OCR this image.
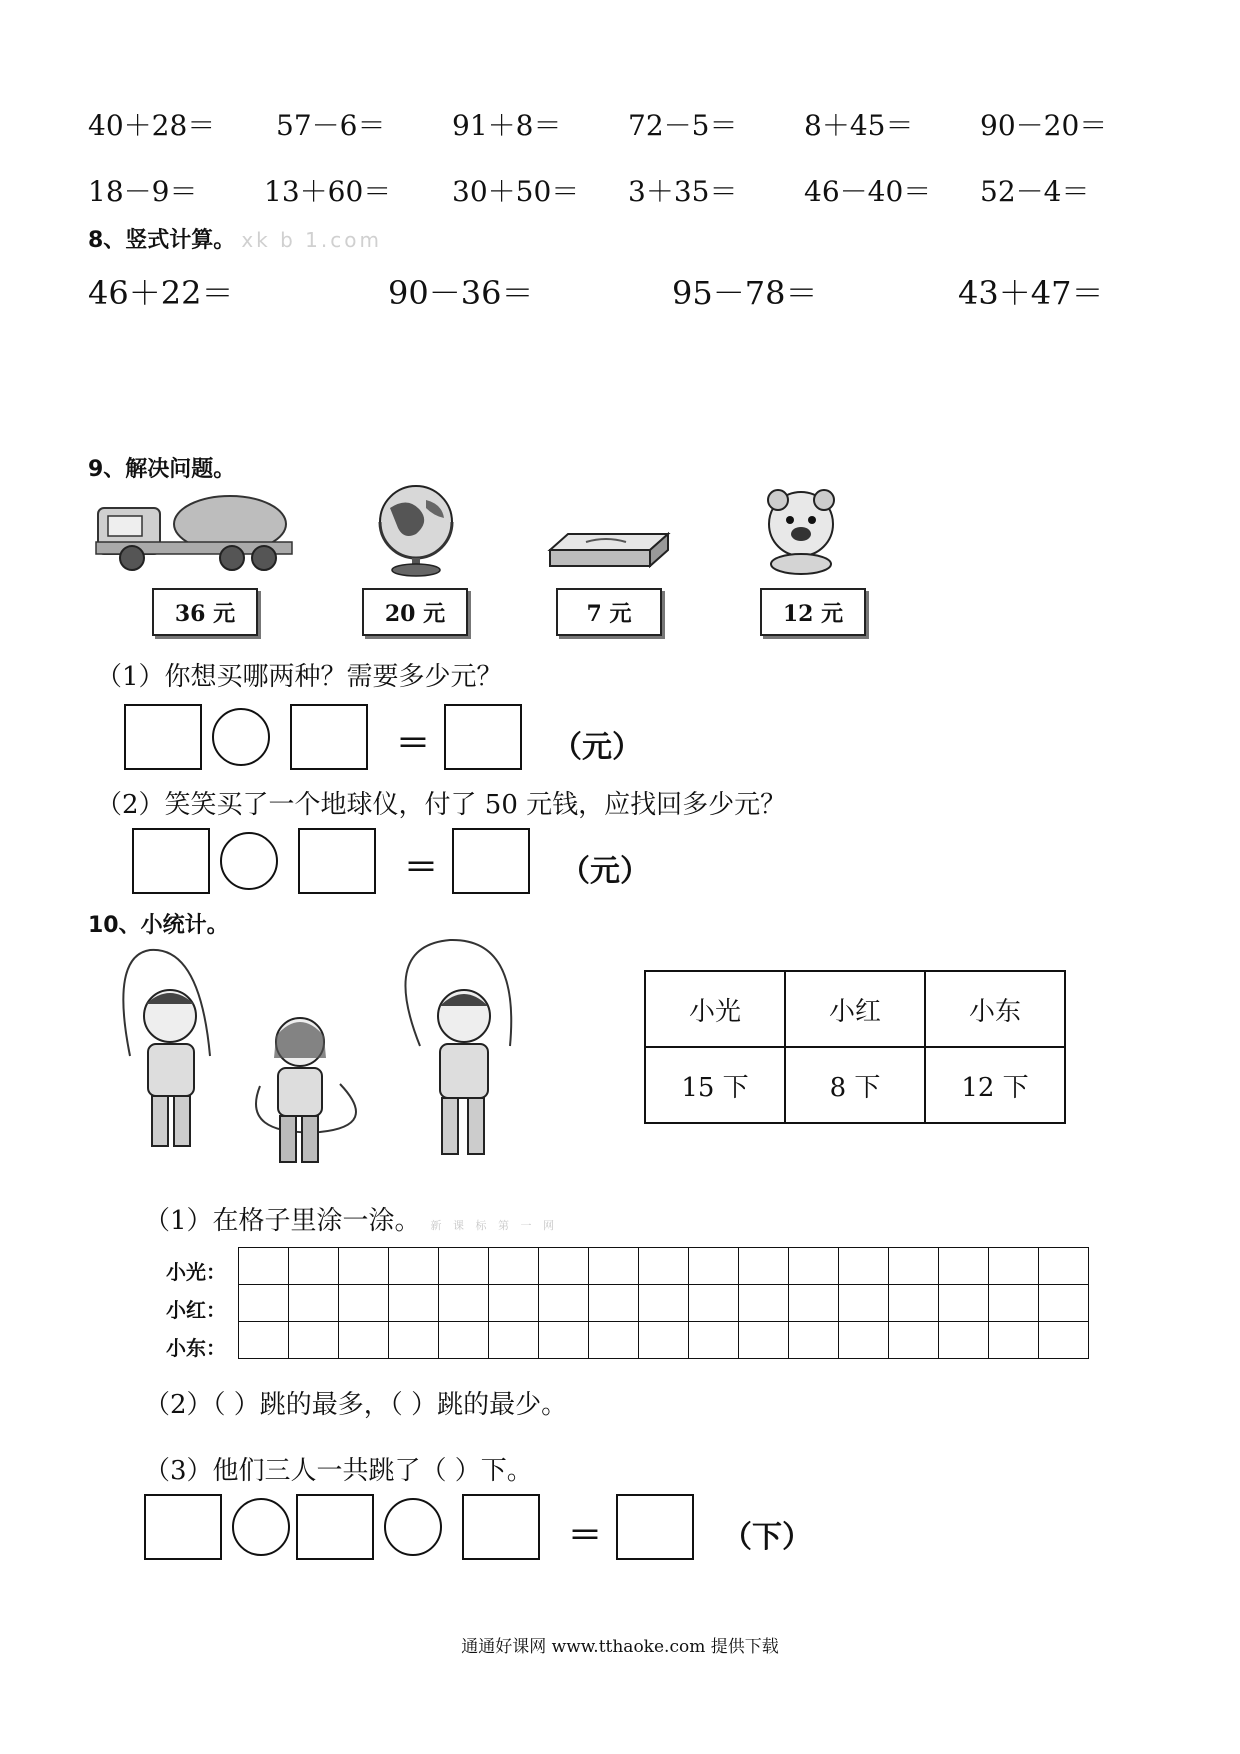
40＋28＝ 57－6＝ 91＋8＝ 72－5＝ 8＋45＝ 90－20＝
18－9＝ 13＋60＝ 30＋50＝ 3＋35＝ 46－40＝ 52－4＝
8、竖式计算。 xk b 1.com
46＋22＝	90－36＝	95－78＝	43＋47＝
9、解决问题。
36 元	20 元	7 元	12 元
（1）你想买哪两种？需要多少元？
＝	（元）
（2）笑笑买了一个地球仪，付了 50 元钱，应找回多少元？
＝	（元）
10、小统计。
小光	小红	小东
15 下	8 下	12 下
（1）在格子里涂一涂。 新 课 标 第 一 网
小光：
小红：
小东：

（2）（ ）跳的最多，（ ）跳的最少。
（3）他们三人一共跳了（ ）下。
＝	（下）
通通好课网 www.tthaoke.com 提供下载
